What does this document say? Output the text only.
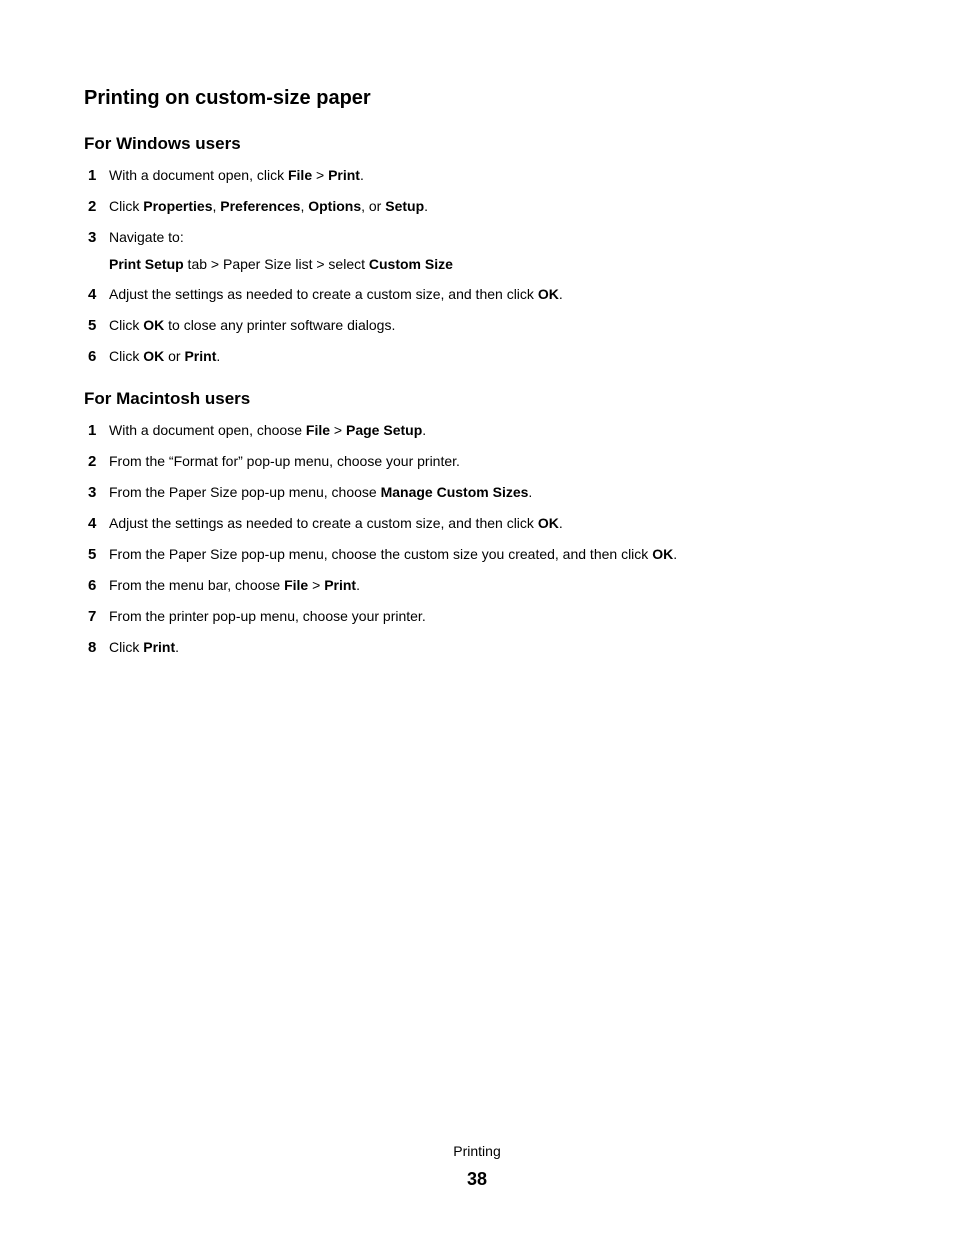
Printing on custom-size paper
For Windows users
1 With a document open, click File > Print.
2 Click Properties, Preferences, Options, or Setup.
3 Navigate to:
Print Setup tab > Paper Size list > select Custom Size
4 Adjust the settings as needed to create a custom size, and then click OK.
5 Click OK to close any printer software dialogs.
6 Click OK or Print.
For Macintosh users
1 With a document open, choose File > Page Setup.
2 From the “Format for” pop-up menu, choose your printer.
3 From the Paper Size pop-up menu, choose Manage Custom Sizes.
4 Adjust the settings as needed to create a custom size, and then click OK.
5 From the Paper Size pop-up menu, choose the custom size you created, and then click OK.
6 From the menu bar, choose File > Print.
7 From the printer pop-up menu, choose your printer.
8 Click Print.
Printing
38
